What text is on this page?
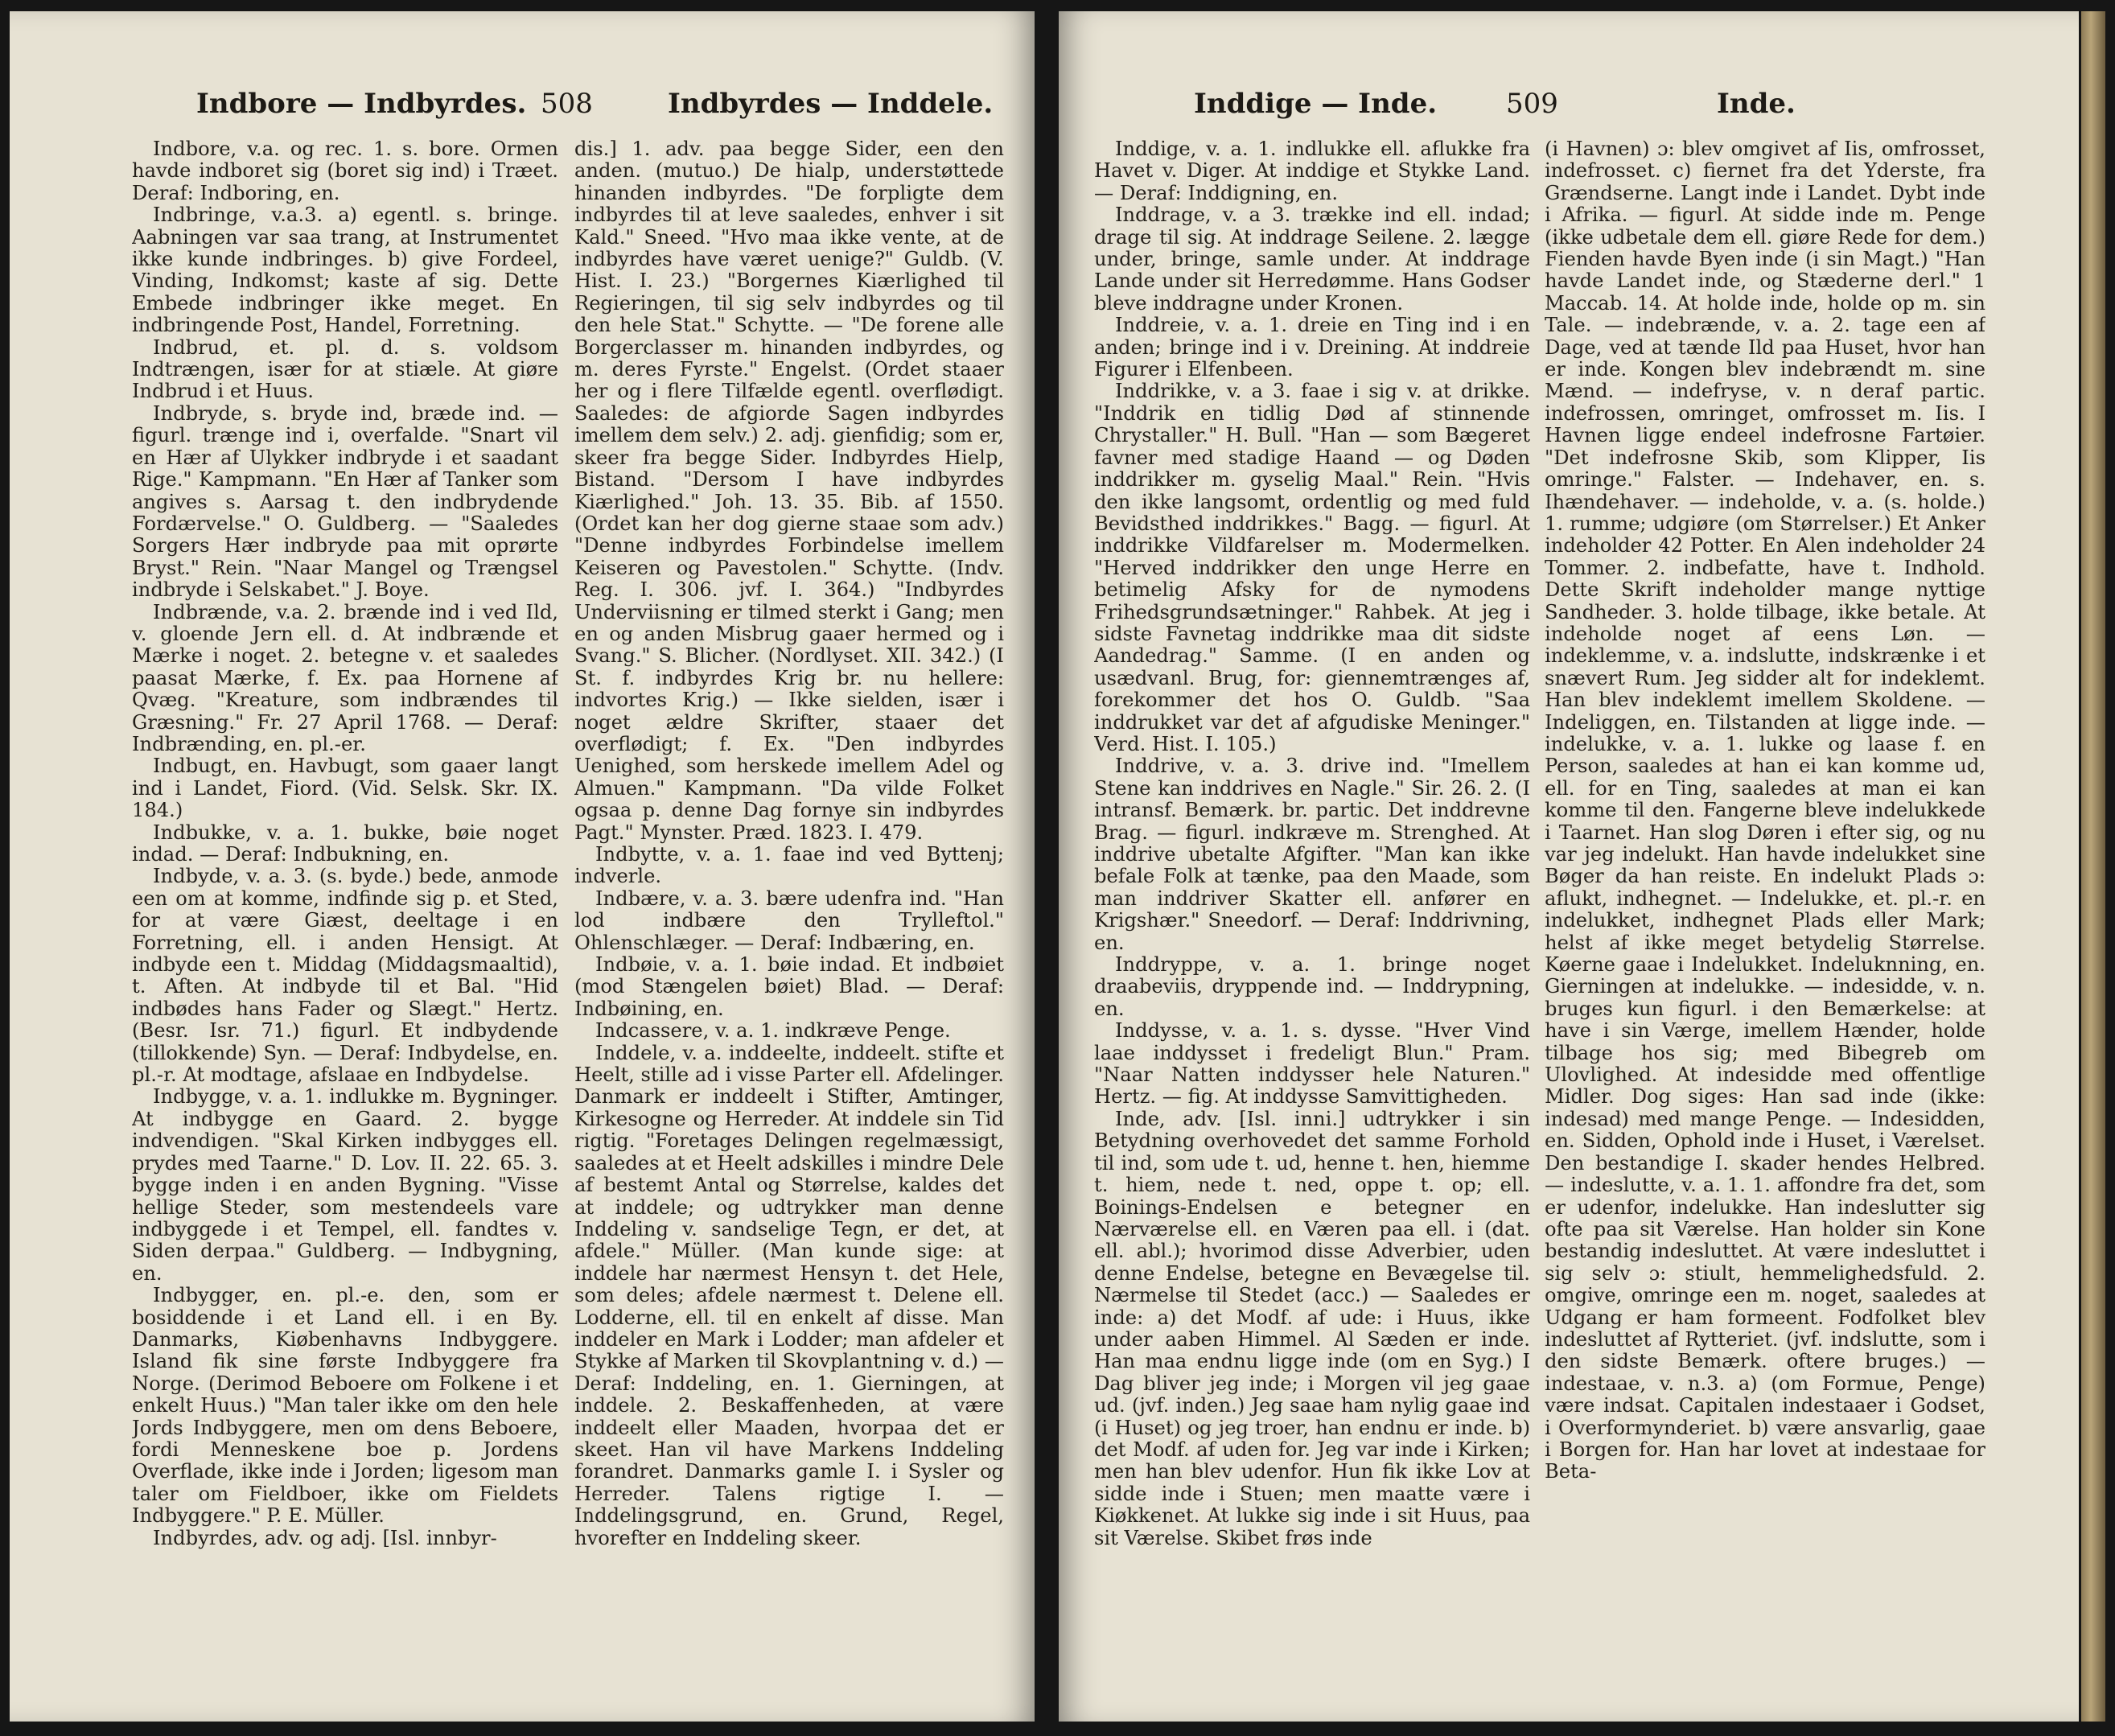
Indbore — Indbyrdes. 508	Indbyrdes — Inddele.

Indbore, v.a. og rec. 1. s. bore. Ormen havde indboret sig (boret sig ind) i Træet. Deraf: Indboring, en.

Indbringe, v.a.3. a) egentl. s. bringe. Aabningen var saa trang, at Instrumentet ikke kunde indbringes. b) give Fordeel, Vinding, Indkomst; kaste af sig. Dette Embede indbringer ikke meget. En indbringende Post, Handel, Forretning.

Indbrud, et. pl. d. s. voldsom Indtrængen, især for at stiæle. At giøre Indbrud i et Huus.

Indbryde, s. bryde ind, bræde ind. — figurl. trænge ind i, overfalde. "Snart vil en Hær af Ulykker indbryde i et saadant Rige." Kampmann. "En Hær af Tanker som angives s. Aarsag t. den indbrydende Fordærvelse." O. Guldberg. — "Saaledes Sorgers Hær indbryde paa mit oprørte Bryst." Rein. "Naar Mangel og Trængsel indbryde i Selskabet." J. Boye.

Indbrænde, v.a. 2. brænde ind i ved Ild, v. gloende Jern ell. d. At indbrænde et Mærke i noget. 2. betegne v. et saaledes paasat Mærke, f. Ex. paa Hornene af Qvæg. "Kreature, som indbrændes til Græsning." Fr. 27 April 1768. — Deraf: Indbrænding, en. pl.-er.

Indbugt, en. Havbugt, som gaaer langt ind i Landet, Fiord. (Vid. Selsk. Skr. IX. 184.)

Indbukke, v. a. 1. bukke, bøie noget indad. — Deraf: Indbukning, en.

Indbyde, v. a. 3. (s. byde.) bede, anmode een om at komme, indfinde sig p. et Sted, for at være Giæst, deeltage i en Forretning, ell. i anden Hensigt. At indbyde een t. Middag (Middagsmaaltid), t. Aften. At indbyde til et Bal. "Hid indbødes hans Fader og Slægt." Hertz. (Besr. Isr. 71.) figurl. Et indbydende (tillokkende) Syn. — Deraf: Indbydelse, en. pl.-r. At modtage, afslaae en Indbydelse.

Indbygge, v. a. 1. indlukke m. Bygninger. At indbygge en Gaard. 2. bygge indvendigen. "Skal Kirken indbygges ell. prydes med Taarne." D. Lov. II. 22. 65. 3. bygge inden i en anden Bygning. "Visse hellige Steder, som mestendeels vare indbyggede i et Tempel, ell. fandtes v. Siden derpaa." Guldberg. — Indbygning, en.

Indbygger, en. pl.-e. den, som er bosiddende i et Land ell. i en By. Danmarks, Kiøbenhavns Indbyggere. Island fik sine første Indbyggere fra Norge. (Derimod Beboere om Folkene i et enkelt Huus.) "Man taler ikke om den hele Jords Indbyggere, men om dens Beboere, fordi Menneskene boe p. Jordens Overflade, ikke inde i Jorden; ligesom man taler om Fieldboer, ikke om Fieldets Indbyggere." P. E. Müller.

Indbyrdes, adv. og adj. [Isl. innbyr-

dis.] 1. adv. paa begge Sider, een den anden. (mutuo.) De hialp, understøttede hinanden indbyrdes. "De forpligte dem indbyrdes til at leve saaledes, enhver i sit Kald." Sneed. "Hvo maa ikke vente, at de indbyrdes have været uenige?" Guldb. (V. Hist. I. 23.) "Borgernes Kiærlighed til Regieringen, til sig selv indbyrdes og til den hele Stat." Schytte. — "De forene alle Borgerclasser m. hinanden indbyrdes, og m. deres Fyrste." Engelst. (Ordet staaer her og i flere Tilfælde egentl. overflødigt. Saaledes: de afgiorde Sagen indbyrdes imellem dem selv.) 2. adj. gienfidig; som er, skeer fra begge Sider. Indbyrdes Hielp, Bistand. "Dersom I have indbyrdes Kiærlighed." Joh. 13. 35. Bib. af 1550. (Ordet kan her dog gierne staae som adv.) "Denne indbyrdes Forbindelse imellem Keiseren og Pavestolen." Schytte. (Indv. Reg. I. 306. jvf. I. 364.) "Indbyrdes Underviisning er tilmed sterkt i Gang; men en og anden Misbrug gaaer hermed og i Svang." S. Blicher. (Nordlyset. XII. 342.) (I St. f. indbyrdes Krig br. nu hellere: indvortes Krig.) — Ikke sielden, især i noget ældre Skrifter, staaer det overflødigt; f. Ex. "Den indbyrdes Uenighed, som herskede imellem Adel og Almuen." Kampmann. "Da vilde Folket ogsaa p. denne Dag fornye sin indbyrdes Pagt." Mynster. Præd. 1823. I. 479.

Indbytte, v. a. 1. faae ind ved Byttenj; indverle.

Indbære, v. a. 3. bære udenfra ind. "Han lod indbære den Trylleftol." Ohlenschlæger. — Deraf: Indbæring, en.

Indbøie, v. a. 1. bøie indad. Et indbøiet (mod Stængelen bøiet) Blad. — Deraf: Indbøining, en.

Indcassere, v. a. 1. indkræve Penge.

Inddele, v. a. inddeelte, inddeelt. stifte et Heelt, stille ad i visse Parter ell. Afdelinger. Danmark er inddeelt i Stifter, Amtinger, Kirkesogne og Herreder. At inddele sin Tid rigtig. "Foretages Delingen regelmæssigt, saaledes at et Heelt adskilles i mindre Dele af bestemt Antal og Størrelse, kaldes det at inddele; og udtrykker man denne Inddeling v. sandselige Tegn, er det, at afdele." Müller. (Man kunde sige: at inddele har nærmest Hensyn t. det Hele, som deles; afdele nærmest t. Delene ell. Lodderne, ell. til en enkelt af disse. Man inddeler en Mark i Lodder; man afdeler et Stykke af Marken til Skovplantning v. d.) — Deraf: Inddeling, en. 1. Gierningen, at inddele. 2. Beskaffenheden, at være inddeelt eller Maaden, hvorpaa det er skeet. Han vil have Markens Inddeling forandret. Danmarks gamle I. i Sysler og Herreder. Talens rigtige I. — Inddelingsgrund, en. Grund, Regel, hvorefter en Inddeling skeer.

Inddige — Inde.	509	Inde.

Inddige, v. a. 1. indlukke ell. aflukke fra Havet v. Diger. At inddige et Stykke Land. — Deraf: Inddigning, en.

Inddrage, v. a 3. trække ind ell. indad; drage til sig. At inddrage Seilene. 2. lægge under, bringe, samle under. At inddrage Lande under sit Herredømme. Hans Godser bleve inddragne under Kronen.

Inddreie, v. a. 1. dreie en Ting ind i en anden; bringe ind i v. Dreining. At inddreie Figurer i Elfenbeen.

Inddrikke, v. a 3. faae i sig v. at drikke. "Inddrik en tidlig Død af stinnende Chrystaller." H. Bull. "Han — som Bægeret favner med stadige Haand — og Døden inddrikker m. gyselig Maal." Rein. "Hvis den ikke langsomt, ordentlig og med fuld Bevidsthed inddrikkes." Bagg. — figurl. At inddrikke Vildfarelser m. Modermelken. "Herved inddrikker den unge Herre en betimelig Afsky for de nymodens Frihedsgrundsætninger." Rahbek. At jeg i sidste Favnetag inddrikke maa dit sidste Aandedrag." Samme. (I en anden og usædvanl. Brug, for: giennemtrænges af, forekommer det hos O. Guldb. "Saa inddrukket var det af afgudiske Meninger." Verd. Hist. I. 105.)

Inddrive, v. a. 3. drive ind. "Imellem Stene kan inddrives en Nagle." Sir. 26. 2. (I intransf. Bemærk. br. partic. Det inddrevne Brag. — figurl. indkræve m. Strenghed. At inddrive ubetalte Afgifter. "Man kan ikke befale Folk at tænke, paa den Maade, som man inddriver Skatter ell. anfører en Krigshær." Sneedorf. — Deraf: Inddrivning, en.

Inddryppe, v. a. 1. bringe noget draabeviis, dryppende ind. — Inddrypning, en.

Inddysse, v. a. 1. s. dysse. "Hver Vind laae inddysset i fredeligt Blun." Pram. "Naar Natten inddysser hele Naturen." Hertz. — fig. At inddysse Samvittigheden.

Inde, adv. [Isl. inni.] udtrykker i sin Betydning overhovedet det samme Forhold til ind, som ude t. ud, henne t. hen, hiemme t. hiem, nede t. ned, oppe t. op; ell. Boinings-Endelsen e betegner en Nærværelse ell. en Væren paa ell. i (dat. ell. abl.); hvorimod disse Adverbier, uden denne Endelse, betegne en Bevægelse til. Nærmelse til Stedet (acc.) — Saaledes er inde: a) det Modf. af ude: i Huus, ikke under aaben Himmel. Al Sæden er inde. Han maa endnu ligge inde (om en Syg.) I Dag bliver jeg inde; i Morgen vil jeg gaae ud. (jvf. inden.) Jeg saae ham nylig gaae ind (i Huset) og jeg troer, han endnu er inde. b) det Modf. af uden for. Jeg var inde i Kirken; men han blev udenfor. Hun fik ikke Lov at sidde inde i Stuen; men maatte være i Kiøkkenet. At lukke sig inde i sit Huus, paa sit Værelse. Skibet frøs inde

(i Havnen) ɔ: blev omgivet af Iis, omfrosset, indefrosset. c) fiernet fra det Yderste, fra Grændserne. Langt inde i Landet. Dybt inde i Afrika. — figurl. At sidde inde m. Penge (ikke udbetale dem ell. giøre Rede for dem.) Fienden havde Byen inde (i sin Magt.) "Han havde Landet inde, og Stæderne derl." 1 Maccab. 14. At holde inde, holde op m. sin Tale. — indebrænde, v. a. 2. tage een af Dage, ved at tænde Ild paa Huset, hvor han er inde. Kongen blev indebrændt m. sine Mænd. — indefryse, v. n deraf partic. indefrossen, omringet, omfrosset m. Iis. I Havnen ligge endeel indefrosne Fartøier. "Det indefrosne Skib, som Klipper, Iis omringe." Falster. — Indehaver, en. s. Ihændehaver. — indeholde, v. a. (s. holde.) 1. rumme; udgiøre (om Størrelser.) Et Anker indeholder 42 Potter. En Alen indeholder 24 Tommer. 2. indbefatte, have t. Indhold. Dette Skrift indeholder mange nyttige Sandheder. 3. holde tilbage, ikke betale. At indeholde noget af eens Løn. — indeklemme, v. a. indslutte, indskrænke i et snævert Rum. Jeg sidder alt for indeklemt. Han blev indeklemt imellem Skoldene. — Indeliggen, en. Tilstanden at ligge inde. — indelukke, v. a. 1. lukke og laase f. en Person, saaledes at han ei kan komme ud, ell. for en Ting, saaledes at man ei kan komme til den. Fangerne bleve indelukkede i Taarnet. Han slog Døren i efter sig, og nu var jeg indelukt. Han havde indelukket sine Bøger da han reiste. En indelukt Plads ɔ: aflukt, indhegnet. — Indelukke, et. pl.-r. en indelukket, indhegnet Plads eller Mark; helst af ikke meget betydelig Størrelse. Køerne gaae i Indelukket. Indeluknning, en. Gierningen at indelukke. — indesidde, v. n. bruges kun figurl. i den Bemærkelse: at have i sin Værge, imellem Hænder, holde tilbage hos sig; med Bibegreb om Ulovlighed. At indesidde med offentlige Midler. Dog siges: Han sad inde (ikke: indesad) med mange Penge. — Indesidden, en. Sidden, Ophold inde i Huset, i Værelset. Den bestandige I. skader hendes Helbred. — indeslutte, v. a. 1. 1. affondre fra det, som er udenfor, indelukke. Han indeslutter sig ofte paa sit Værelse. Han holder sin Kone bestandig indesluttet. At være indesluttet i sig selv ɔ: stiult, hemmelighedsfuld. 2. omgive, omringe een m. noget, saaledes at Udgang er ham formeent. Fodfolket blev indesluttet af Rytteriet. (jvf. indslutte, som i den sidste Bemærk. oftere bruges.) — indestaae, v. n.3. a) (om Formue, Penge) være indsat. Capitalen indestaaer i Godset, i Overformynderiet. b) være ansvarlig, gaae i Borgen for. Han har lovet at indestaae for Beta-
